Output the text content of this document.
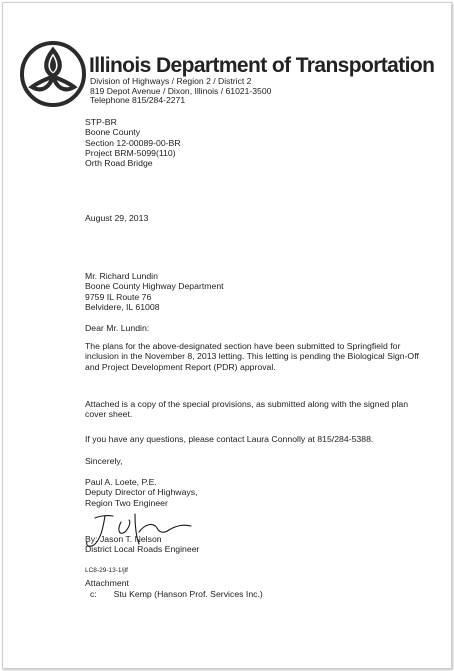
Illinois Department of Transportation
Division of Highways / Region 2 / District 2
819 Depot Avenue / Dixon, Illinois / 61021-3500
Telephone 815/284-2271
STP-BR
Boone County
Section 12-00089-00-BR
Project BRM-5099(110)
Orth Road Bridge
August 29, 2013
Mr. Richard Lundin
Boone County Highway Department
9759 IL Route 76
Belvidere, IL 61008
Dear Mr. Lundin:
The plans for the above-designated section have been submitted to Springfield for inclusion in the November 8, 2013 letting. This letting is pending the Biological Sign-Off and Project Development Report (PDR) approval.
Attached is a copy of the special provisions, as submitted along with the signed plan cover sheet.
If you have any questions, please contact Laura Connolly at 815/284-5388.
Sincerely,
Paul A. Loete, P.E.
Deputy Director of Highways,
Region Two Engineer
By: Jason T. Nelson
District Local Roads Engineer
LC8-29-13-1/jlf
Attachment
c: Stu Kemp (Hanson Prof. Services Inc.)
